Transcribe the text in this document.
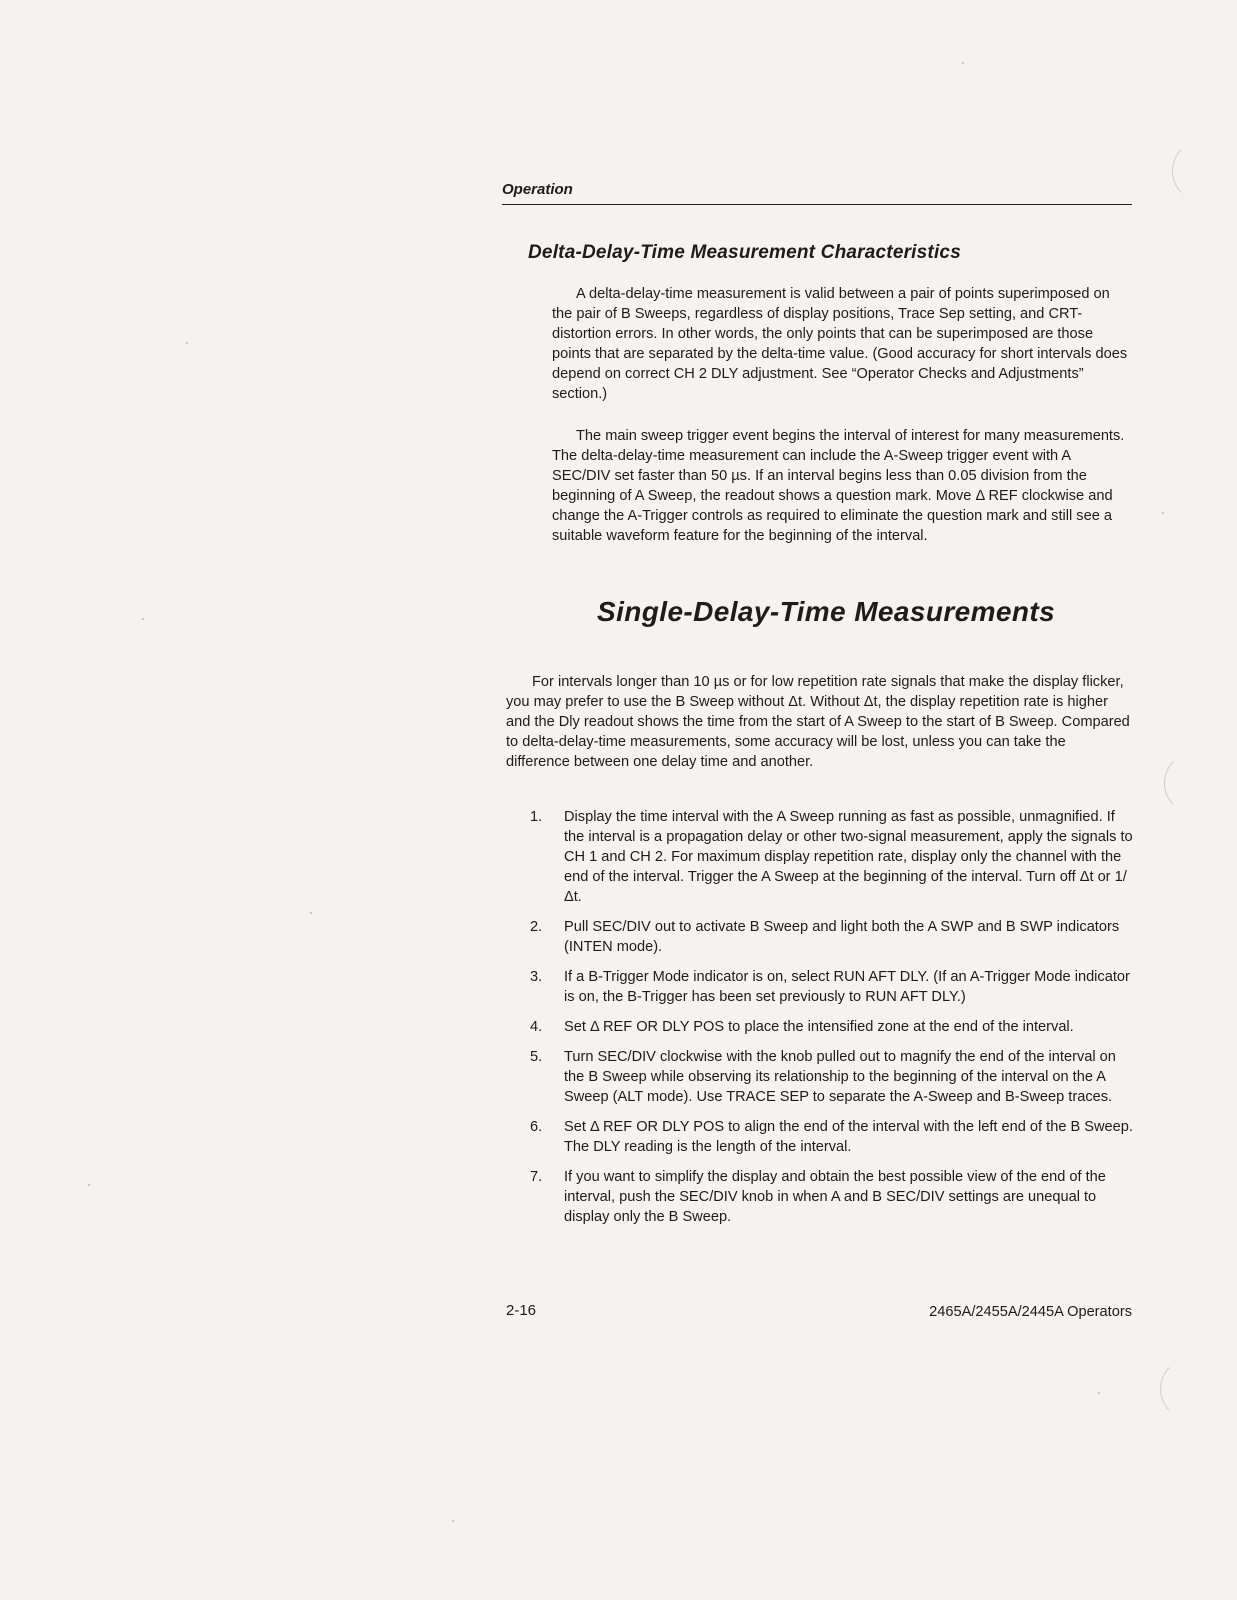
Operation
Delta-Delay-Time Measurement Characteristics

A delta-delay-time measurement is valid between a pair of points superimposed on the pair of B Sweeps, regardless of display positions, Trace Sep setting, and CRT-distortion errors. In other words, the only points that can be superimposed are those points that are separated by the delta-time value. (Good accuracy for short intervals does depend on correct CH 2 DLY adjustment. See “Operator Checks and Adjustments” section.)

The main sweep trigger event begins the interval of interest for many measurements. The delta-delay-time measurement can include the A-Sweep trigger event with A SEC/DIV set faster than 50 µs. If an interval begins less than 0.05 division from the beginning of A Sweep, the readout shows a question mark. Move Δ REF clockwise and change the A-Trigger controls as required to eliminate the question mark and still see a suitable waveform feature for the beginning of the interval.

Single-Delay-Time Measurements

For intervals longer than 10 µs or for low repetition rate signals that make the display flicker, you may prefer to use the B Sweep without Δt. Without Δt, the display repetition rate is higher and the Dly readout shows the time from the start of A Sweep to the start of B Sweep. Compared to delta-delay-time measurements, some accuracy will be lost, unless you can take the difference between one delay time and another.

1.	Display the time interval with the A Sweep running as fast as possible, unmagnified. If the interval is a propagation delay or other two-signal measurement, apply the signals to CH 1 and CH 2. For maximum display repetition rate, display only the channel with the end of the interval. Trigger the A Sweep at the beginning of the interval. Turn off Δt or 1/Δt.
2.	Pull SEC/DIV out to activate B Sweep and light both the A SWP and B SWP indicators (INTEN mode).
3.	If a B-Trigger Mode indicator is on, select RUN AFT DLY. (If an A-Trigger Mode indicator is on, the B-Trigger has been set previously to RUN AFT DLY.)
4.	Set Δ REF OR DLY POS to place the intensified zone at the end of the interval.
5.	Turn SEC/DIV clockwise with the knob pulled out to magnify the end of the interval on the B Sweep while observing its relationship to the beginning of the interval on the A Sweep (ALT mode). Use TRACE SEP to separate the A-Sweep and B-Sweep traces.
6.	Set Δ REF OR DLY POS to align the end of the interval with the left end of the B Sweep. The DLY reading is the length of the interval.
7.	If you want to simplify the display and obtain the best possible view of the end of the interval, push the SEC/DIV knob in when A and B SEC/DIV settings are unequal to display only the B Sweep.
2-16	2465A/2455A/2445A Operators
